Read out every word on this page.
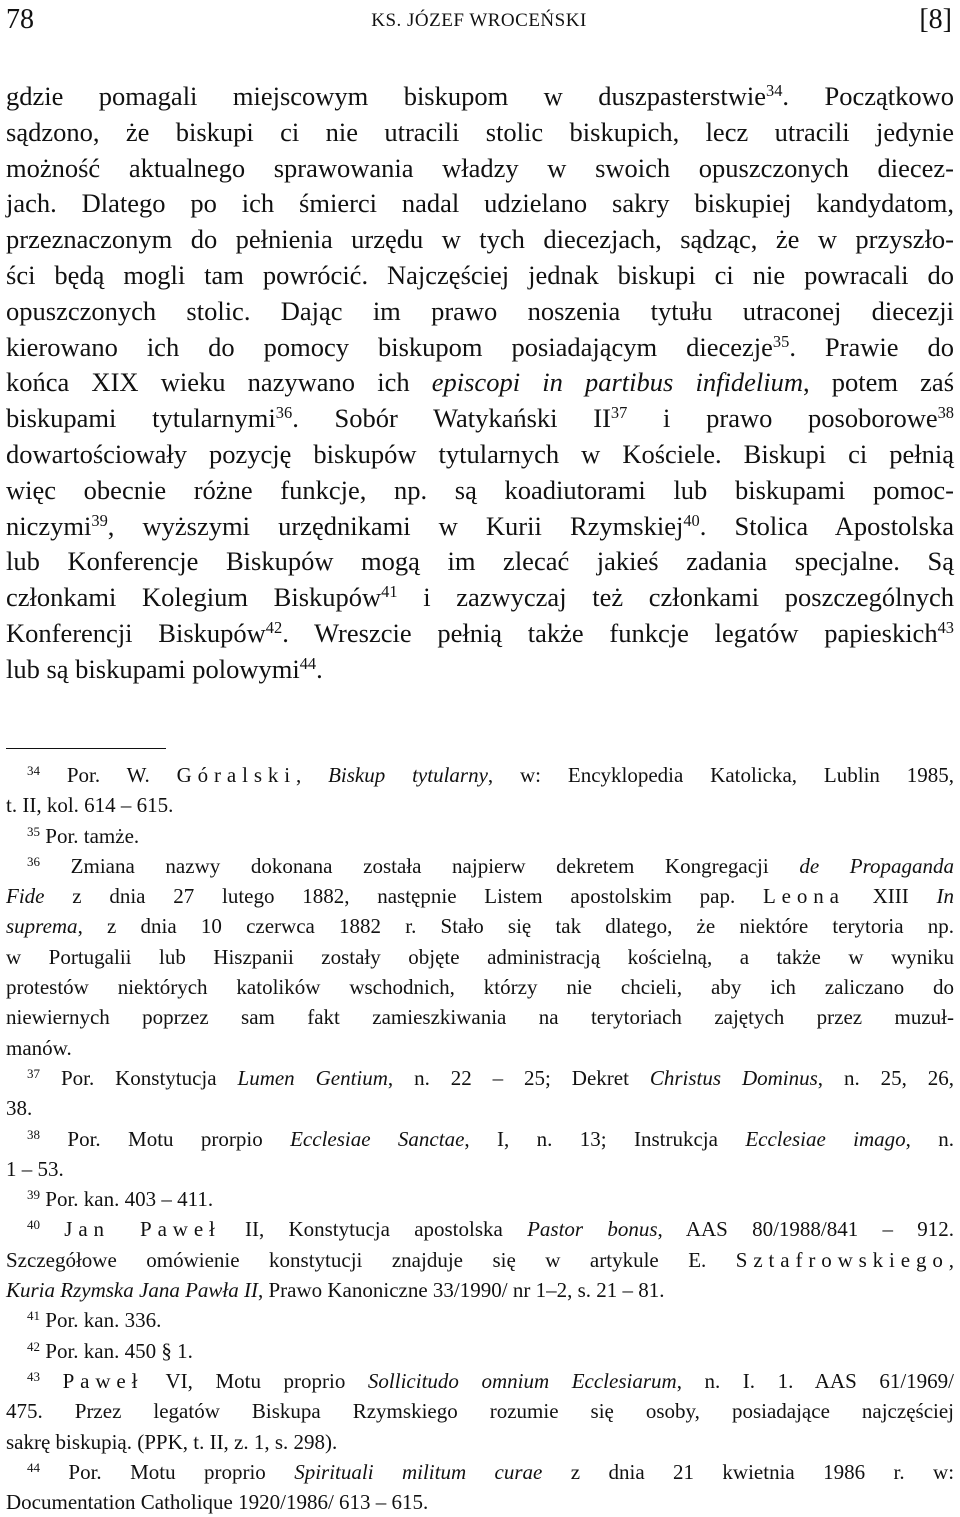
78	KS. JÓZEF WROCEŃSKI	[8]
gdzie pomagali miejscowym biskupom w duszpasterstwie$^{34}$. Początkowo
sądzono, że biskupi ci nie utracili stolic biskupich, lecz utracili jedynie
możność aktualnego sprawowania władzy w swoich opuszczonych diecez-
jach. Dlatego po ich śmierci nadal udzielano sakry biskupiej kandydatom,
przeznaczonym do pełnienia urzędu w tych diecezjach, sądząc, że w przyszło-
ści będą mogli tam powrócić. Najczęściej jednak biskupi ci nie powracali do
opuszczonych stolic. Dając im prawo noszenia tytułu utraconej diecezji
kierowano ich do pomocy biskupom posiadającym diecezje$^{35}$. Prawie do
końca XIX wieku nazywano ich episcopi in partibus infidelium, potem zaś
biskupami tytularnymi$^{36}$. Sobór Watykański II$^{37}$ i prawo posoborowe$^{38}$
dowartościowały pozycję biskupów tytularnych w Kościele. Biskupi ci pełnią
więc obecnie różne funkcje, np. są koadiutorami lub biskupami pomoc-
niczymi$^{39}$, wyższymi urzędnikami w Kurii Rzymskiej$^{40}$. Stolica Apostolska
lub Konferencje Biskupów mogą im zlecać jakieś zadania specjalne. Są
członkami Kolegium Biskupów$^{41}$ i zazwyczaj też członkami poszczególnych
Konferencji Biskupów$^{42}$. Wreszcie pełnią także funkcje legatów papieskich$^{43}$
lub są biskupami polowymi$^{44}$.
 $^{34}$ Por. W. Góralski, Biskup tytularny, w: Encyklopedia Katolicka, Lublin 1985,
t. II, kol. 614 – 615.
 $^{35}$ Por. tamże.
 $^{36}$ Zmiana nazwy dokonana została najpierw dekretem Kongregacji de Propaganda
Fide z dnia 27 lutego 1882, następnie Listem apostolskim pap. Leona XIII In
suprema, z dnia 10 czerwca 1882 r. Stało się tak dlatego, że niektóre terytoria np.
w Portugalii lub Hiszpanii zostały objęte administracją kościelną, a także w wyniku
protestów niektórych katolików wschodnich, którzy nie chcieli, aby ich zaliczano do
niewiernych poprzez sam fakt zamieszkiwania na terytoriach zajętych przez muzuł-
manów.
 $^{37}$ Por. Konstytucja Lumen Gentium, n. 22 – 25; Dekret Christus Dominus, n. 25, 26,
38.
 $^{38}$ Por. Motu prorpio Ecclesiae Sanctae, I, n. 13; Instrukcja Ecclesiae imago, n.
1 – 53.
 $^{39}$ Por. kan. 403 – 411.
 $^{40}$ Jan Paweł II, Konstytucja apostolska Pastor bonus, AAS 80/1988/841 – 912.
Szczegółowe omówienie konstytucji znajduje się w artykule E. Sztafrowskiego,
Kuria Rzymska Jana Pawła II, Prawo Kanoniczne 33/1990/ nr 1–2, s. 21 – 81.
 $^{41}$ Por. kan. 336.
 $^{42}$ Por. kan. 450 § 1.
 $^{43}$ Paweł VI, Motu proprio Sollicitudo omnium Ecclesiarum, n. I. 1. AAS 61/1969/
475. Przez legatów Biskupa Rzymskiego rozumie się osoby, posiadające najczęściej
sakrę biskupią. (PPK, t. II, z. 1, s. 298).
 $^{44}$ Por. Motu proprio Spirituali militum curae z dnia 21 kwietnia 1986 r. w:
Documentation Catholique 1920/1986/ 613 – 615.
